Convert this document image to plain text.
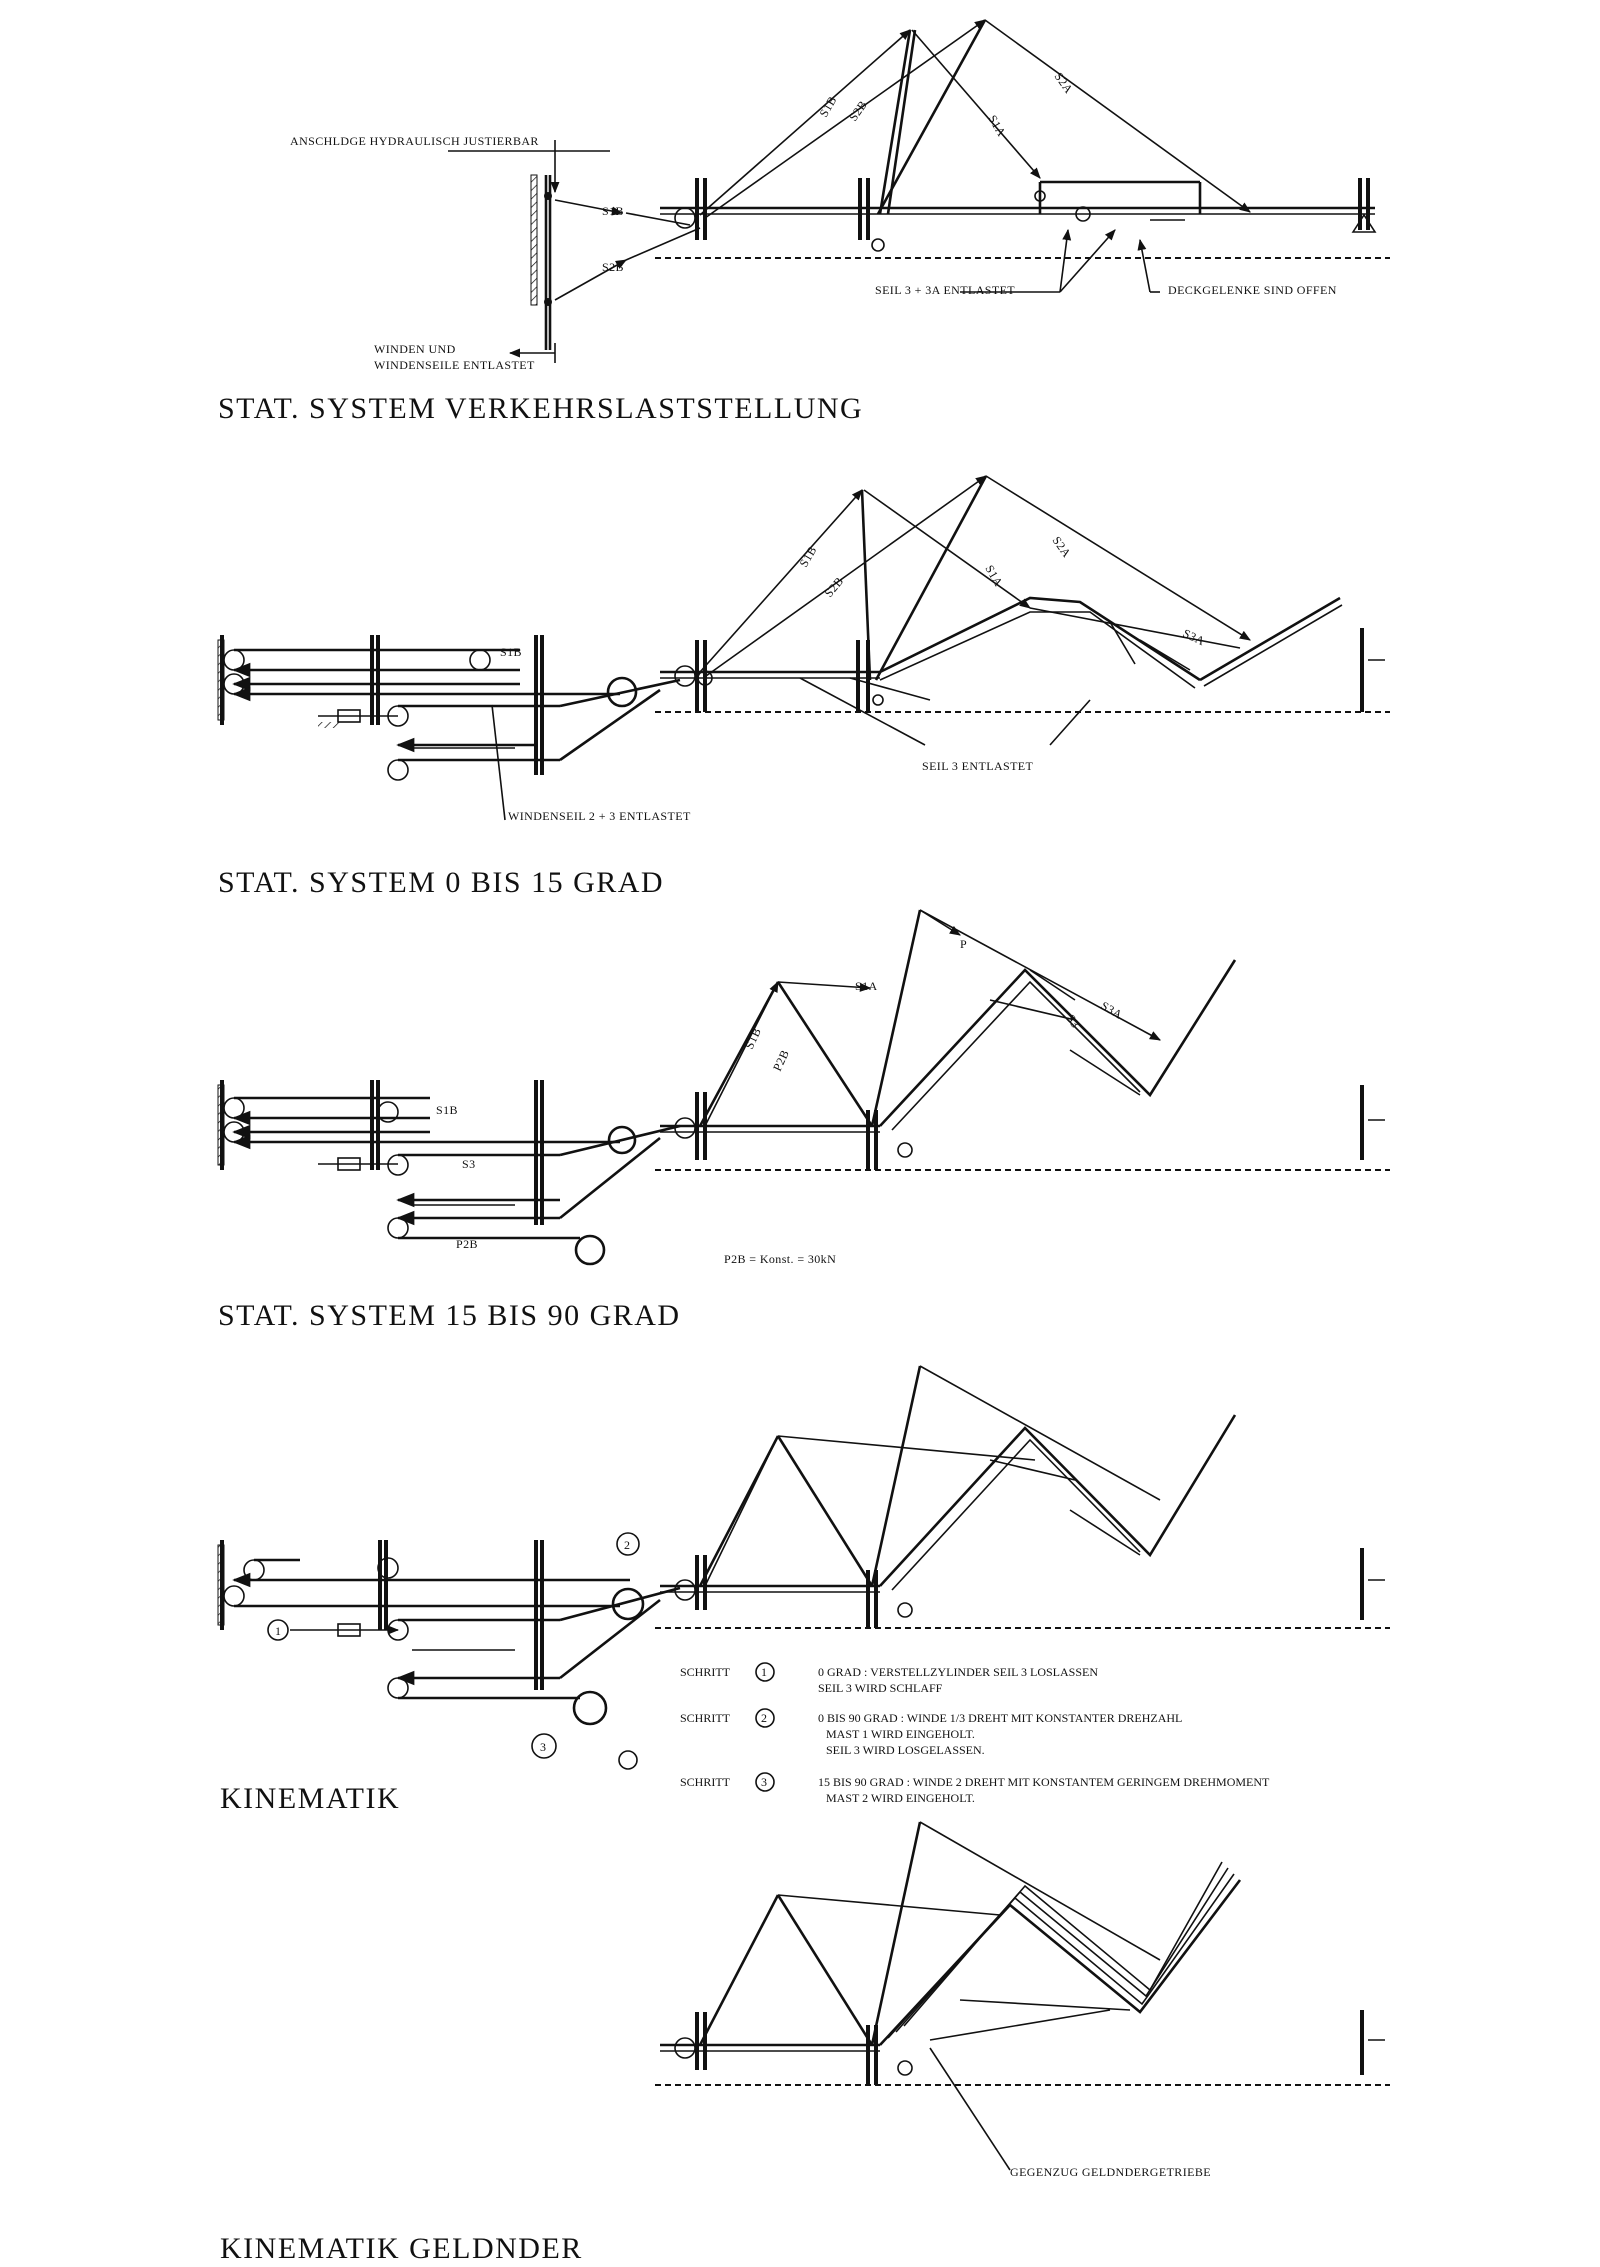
ANSCHLDGE HYDRAULISCH JUSTIERBAR
S1B
S2B
WINDEN UND
WINDENSEILE ENTLASTET
S1B S2B
S1A
S2A
SEIL 3 + 3A ENTLASTET	DECKGELENKE SIND OFFEN
STAT. SYSTEM VERKEHRSLASTSTELLUNG
S1B
S1B
S2B	S1A
S2A
S3A
SEIL 3 ENTLASTET
WINDENSEIL 2 + 3 ENTLASTET
STAT. SYSTEM 0 BIS 15 GRAD
S1B
S3
P2B
S1A
P
S1B
P2B
S3A
S3
P2B = Konst. = 30kN
STAT. SYSTEM 15 BIS 90 GRAD
1
2
3
SCHRITT	1	0 GRAD : VERSTELLZYLINDER SEIL 3 LOSLASSEN
SEIL 3 WIRD SCHLAFF
SCHRITT	2	0 BIS 90 GRAD : WINDE 1/3 DREHT MIT KONSTANTER DREHZAHL
MAST 1 WIRD EINGEHOLT.
SEIL 3 WIRD LOSGELASSEN.
SCHRITT	3	15 BIS 90 GRAD : WINDE 2 DREHT MIT KONSTANTEM GERINGEM DREHMOMENT
MAST 2 WIRD EINGEHOLT.
KINEMATIK
GEGENZUG GELDNDERGETRIEBE
KINEMATIK GELDNDER
